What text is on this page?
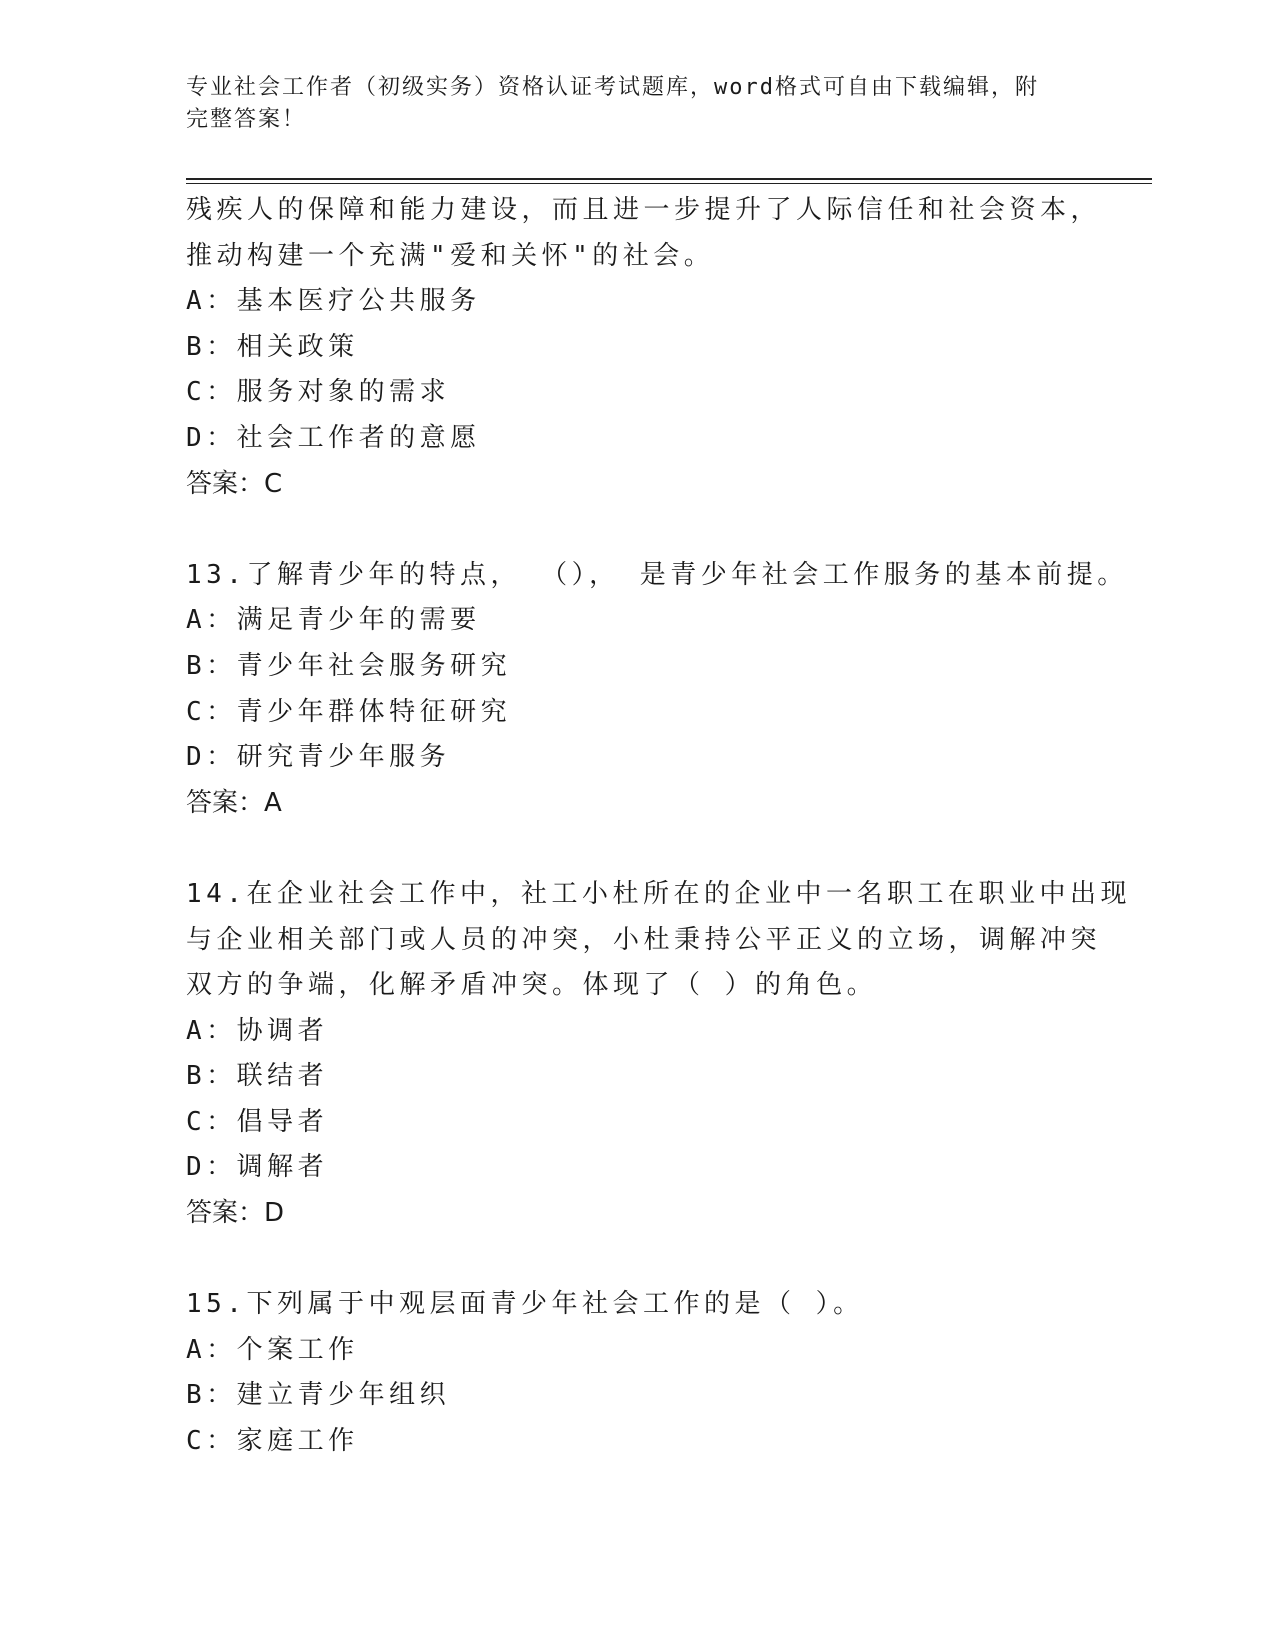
专业社会工作者（初级实务）资格认证考试题库，word格式可自由下载编辑，附
完整答案！
残疾人的保障和能力建设，而且进一步提升了人际信任和社会资本，
推动构建一个充满"爱和关怀"的社会。
A：基本医疗公共服务
B：相关政策
C：服务对象的需求
D：社会工作者的意愿
答案：C
13.了解青少年的特点， （）， 是青少年社会工作服务的基本前提。
A：满足青少年的需要
B：青少年社会服务研究
C：青少年群体特征研究
D：研究青少年服务
答案：A
14.在企业社会工作中，社工小杜所在的企业中一名职工在职业中出现
与企业相关部门或人员的冲突，小杜秉持公平正义的立场，调解冲突
双方的争端，化解矛盾冲突。体现了（ ）的角色。
A：协调者
B：联结者
C：倡导者
D：调解者
答案：D
15.下列属于中观层面青少年社会工作的是（ ）。
A：个案工作
B：建立青少年组织
C：家庭工作
